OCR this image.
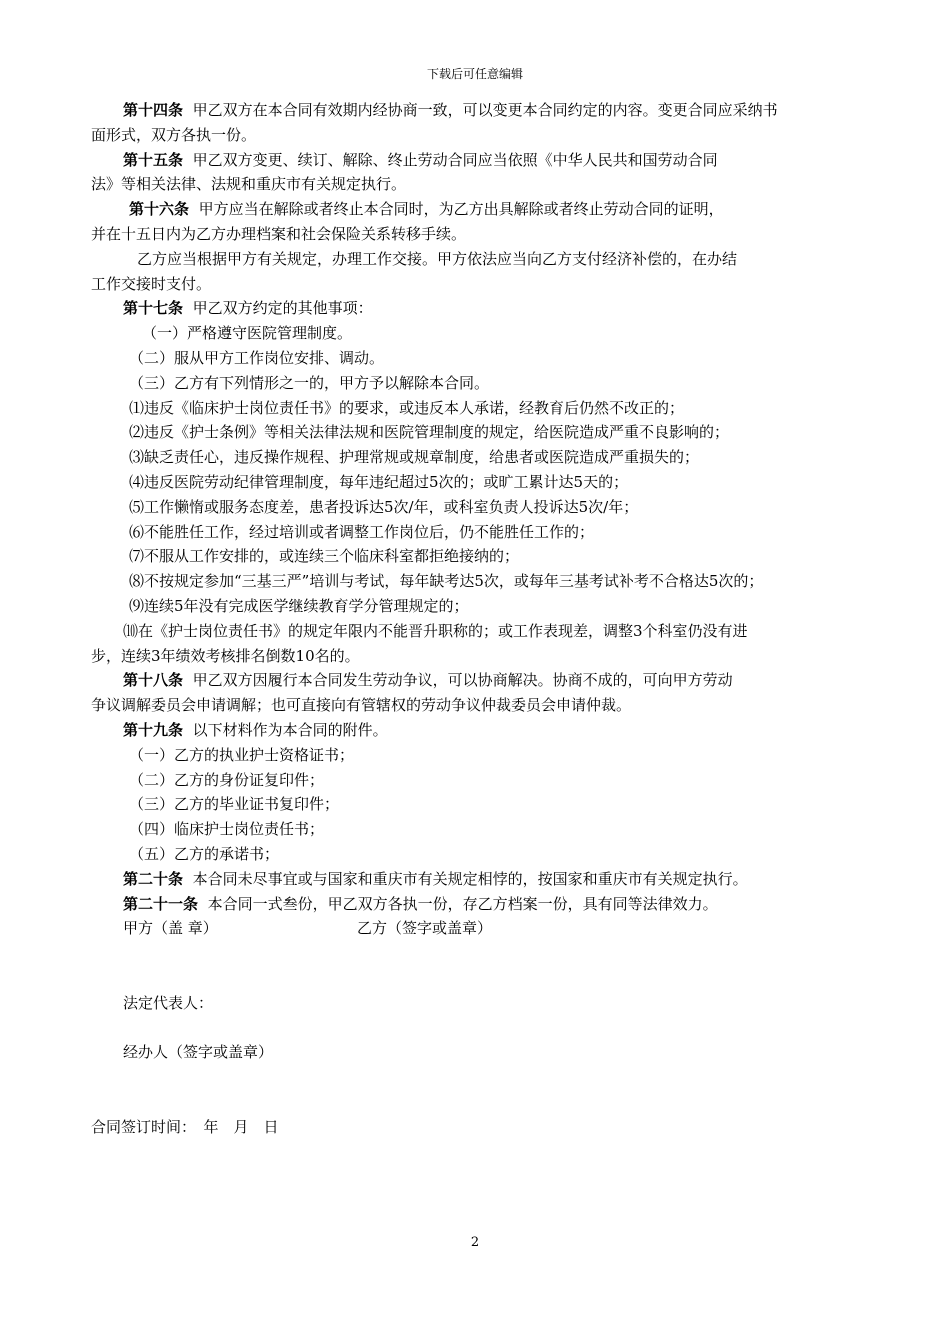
下载后可任意编辑

第十四条 甲乙双方在本合同有效期内经协商一致，可以变更本合同约定的内容。变更合同应采纳书

面形式，双方各执一份。

第十五条 甲乙双方变更、续订、解除、终止劳动合同应当依照《中华人民共和国劳动合同

法》等相关法律、法规和重庆市有关规定执行。

第十六条 甲方应当在解除或者终止本合同时，为乙方出具解除或者终止劳动合同的证明，

并在十五日内为乙方办理档案和社会保险关系转移手续。

乙方应当根据甲方有关规定，办理工作交接。甲方依法应当向乙方支付经济补偿的，在办结

工作交接时支付。

第十七条 甲乙双方约定的其他事项：

（一）严格遵守医院管理制度。

（二）服从甲方工作岗位安排、调动。

（三）乙方有下列情形之一的，甲方予以解除本合同。

⑴违反《临床护士岗位责任书》的要求，或违反本人承诺，经教育后仍然不改正的；

⑵违反《护士条例》等相关法律法规和医院管理制度的规定，给医院造成严重不良影响的；

⑶缺乏责任心，违反操作规程、护理常规或规章制度，给患者或医院造成严重损失的；

⑷违反医院劳动纪律管理制度，每年违纪超过5次的；或旷工累计达5天的；

⑸工作懒惰或服务态度差，患者投诉达5次/年，或科室负责人投诉达5次/年；

⑹不能胜任工作，经过培训或者调整工作岗位后，仍不能胜任工作的；

⑺不服从工作安排的，或连续三个临床科室都拒绝接纳的；

⑻不按规定参加“三基三严”培训与考试，每年缺考达5次，或每年三基考试补考不合格达5次的；

⑼连续5年没有完成医学继续教育学分管理规定的；

⑽在《护士岗位责任书》的规定年限内不能晋升职称的；或工作表现差，调整3个科室仍没有进

步，连续3年绩效考核排名倒数10名的。

第十八条 甲乙双方因履行本合同发生劳动争议，可以协商解决。协商不成的，可向甲方劳动

争议调解委员会申请调解；也可直接向有管辖权的劳动争议仲裁委员会申请仲裁。

第十九条 以下材料作为本合同的附件。

（一）乙方的执业护士资格证书；

（二）乙方的身份证复印件；

（三）乙方的毕业证书复印件；

（四）临床护士岗位责任书；

（五）乙方的承诺书；

第二十条 本合同未尽事宜或与国家和重庆市有关规定相悖的，按国家和重庆市有关规定执行。

第二十一条 本合同一式叁份，甲乙双方各执一份，存乙方档案一份，具有同等法律效力。

甲方（盖 章）	乙方（签字或盖章）

法定代表人：

经办人（签字或盖章）

合同签订时间：　年　月　日

2
